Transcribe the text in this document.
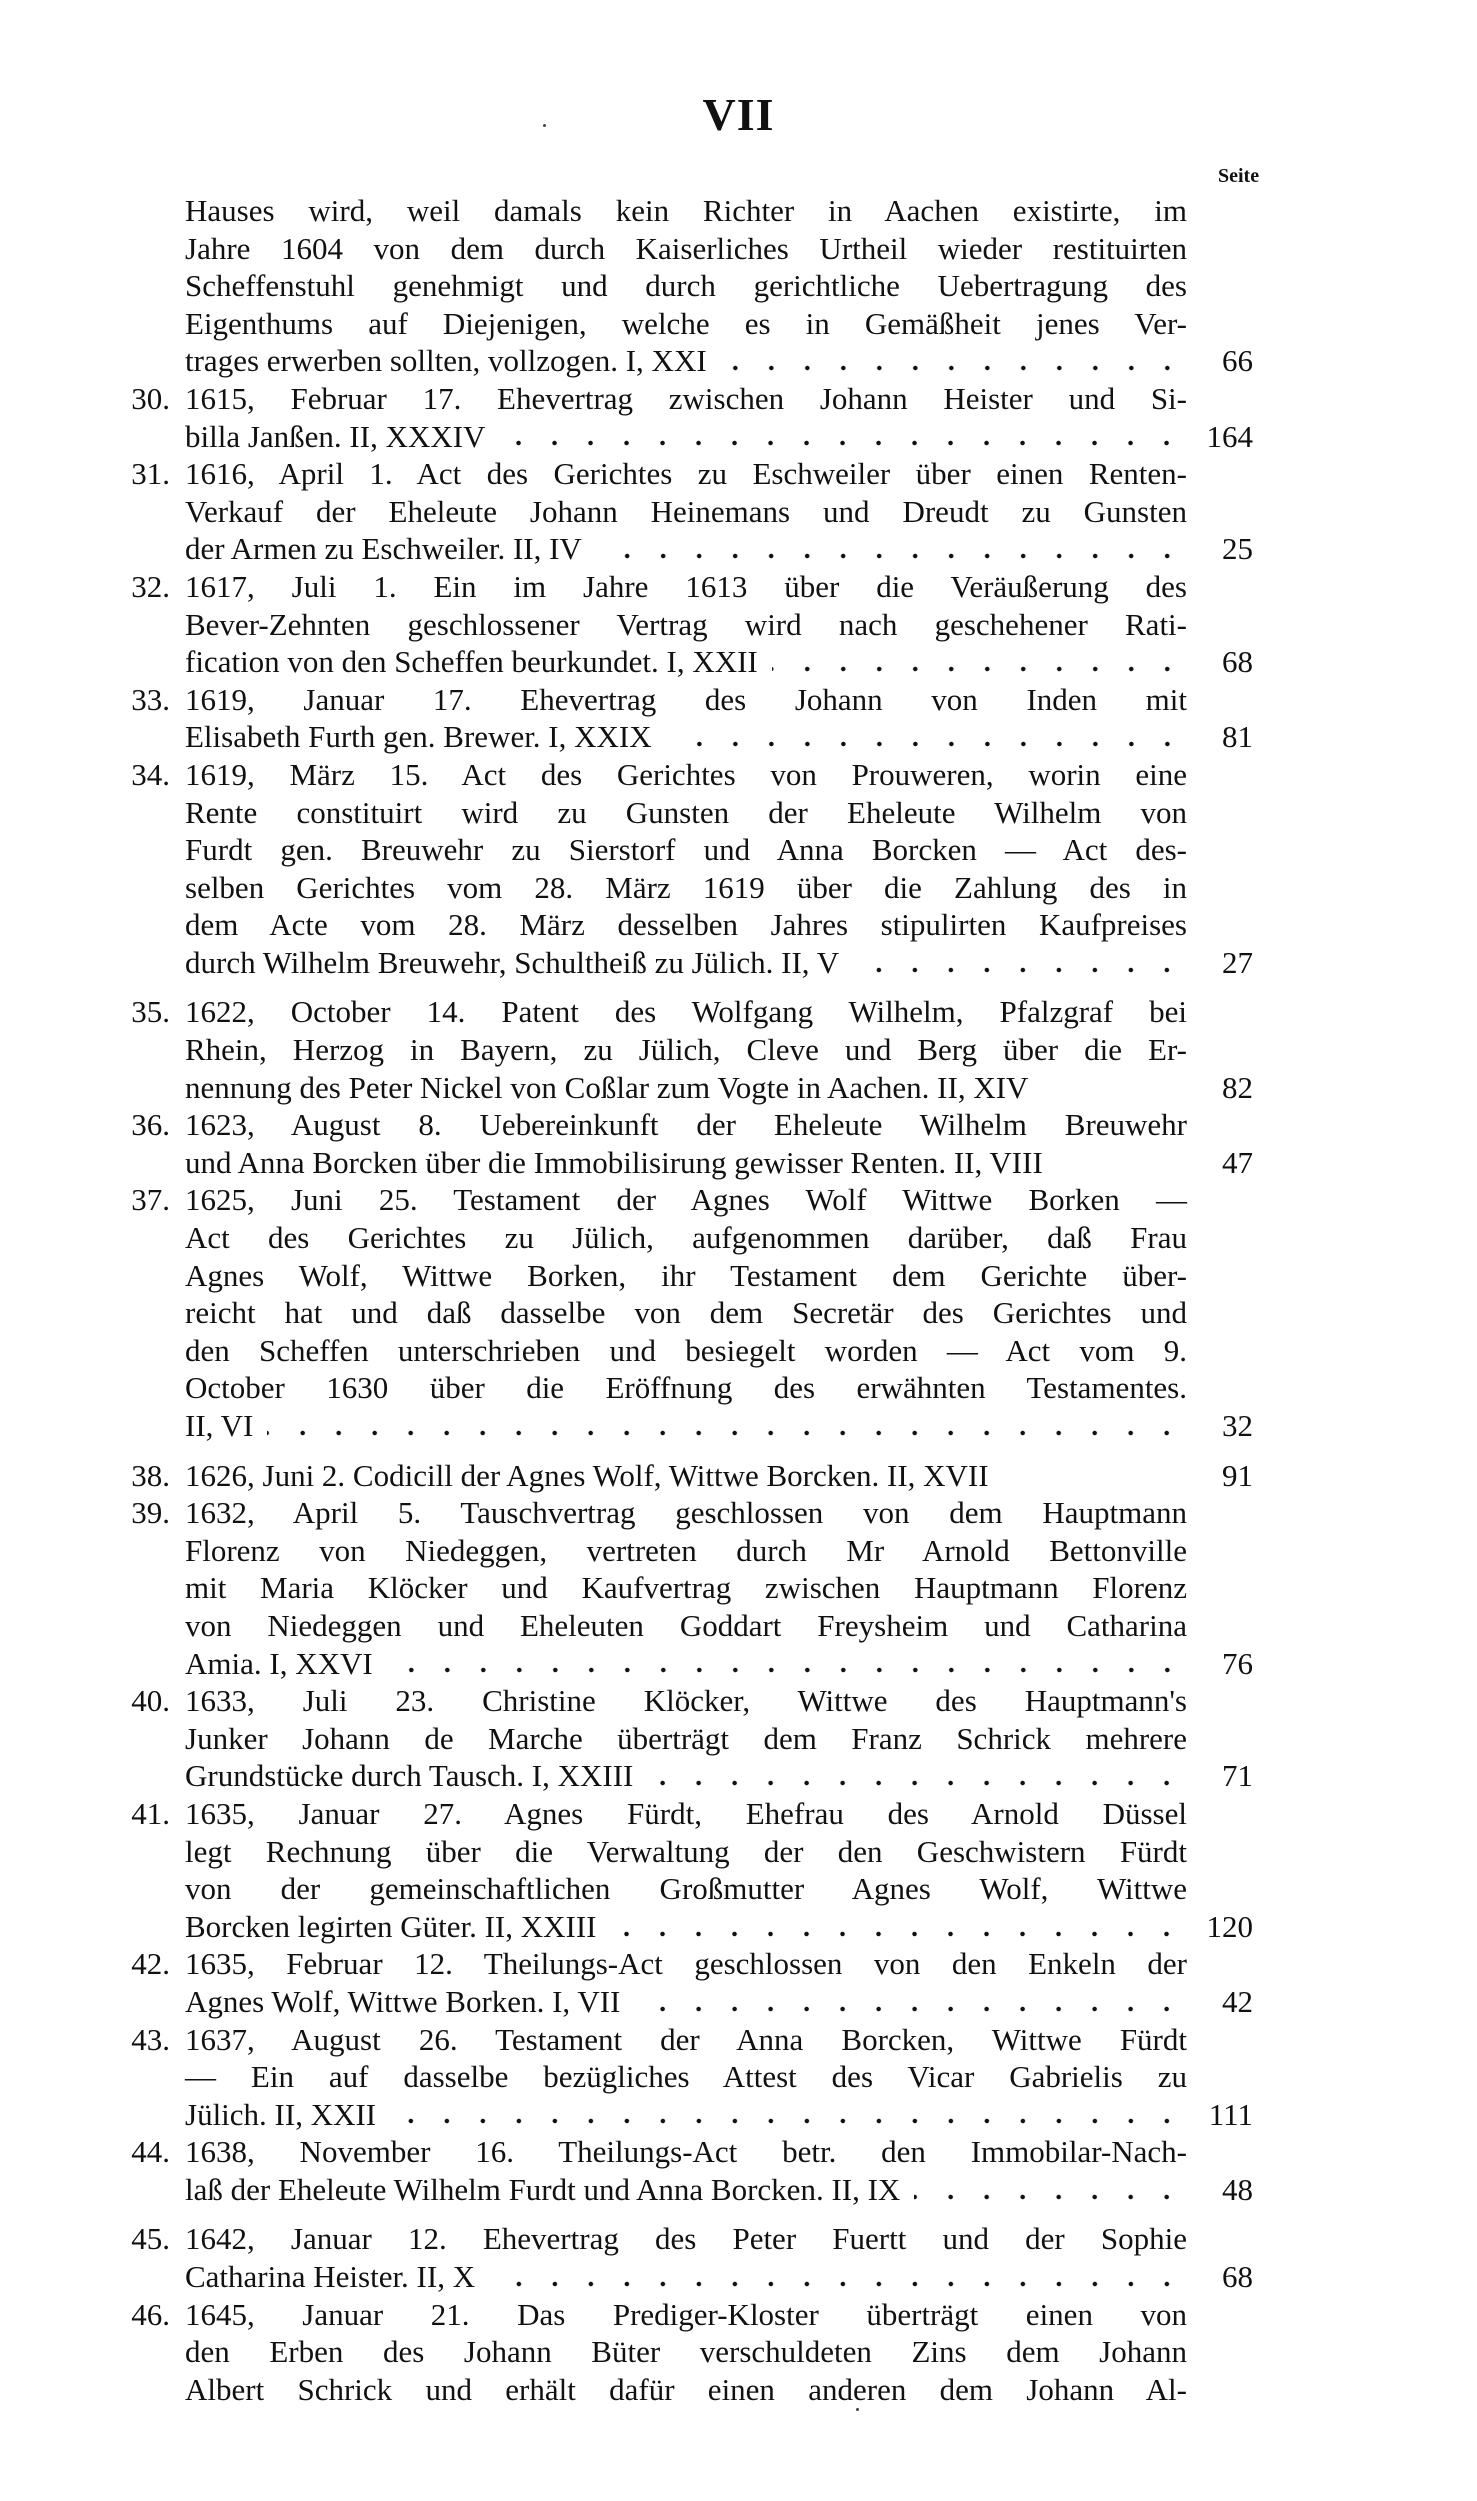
VII
Seite
Hauses wird, weil damals kein Richter in Aachen existirte, im
Jahre 1604 von dem durch Kaiserliches Urtheil wieder restituirten
Scheffenstuhl genehmigt und durch gerichtliche Uebertragung des
Eigenthums auf Diejenigen, welche es in Gemäßheit jenes Ver-
trages erwerben sollten, vollzogen. I, XXI	66
30. 1615, Februar 17. Ehevertrag zwischen Johann Heister und Si-
billa Janßen. II, XXXIV	164
31. 1616, April 1. Act des Gerichtes zu Eschweiler über einen Renten-
Verkauf der Eheleute Johann Heinemans und Dreudt zu Gunsten
der Armen zu Eschweiler. II, IV	25
32. 1617, Juli 1. Ein im Jahre 1613 über die Veräußerung des
Bever-Zehnten geschlossener Vertrag wird nach geschehener Rati-
fication von den Scheffen beurkundet. I, XXII	68
33. 1619, Januar 17. Ehevertrag des Johann von Inden mit
Elisabeth Furth gen. Brewer. I, XXIX	81
34. 1619, März 15. Act des Gerichtes von Prouweren, worin eine
Rente constituirt wird zu Gunsten der Eheleute Wilhelm von
Furdt gen. Breuwehr zu Sierstorf und Anna Borcken — Act des-
selben Gerichtes vom 28. März 1619 über die Zahlung des in
dem Acte vom 28. März desselben Jahres stipulirten Kaufpreises
durch Wilhelm Breuwehr, Schultheiß zu Jülich. II, V	27
35. 1622, October 14. Patent des Wolfgang Wilhelm, Pfalzgraf bei
Rhein, Herzog in Bayern, zu Jülich, Cleve und Berg über die Er-
nennung des Peter Nickel von Coßlar zum Vogte in Aachen. II, XIV	82
36. 1623, August 8. Uebereinkunft der Eheleute Wilhelm Breuwehr
und Anna Borcken über die Immobilisirung gewisser Renten. II, VIII	47
37. 1625, Juni 25. Testament der Agnes Wolf Wittwe Borken —
Act des Gerichtes zu Jülich, aufgenommen darüber, daß Frau
Agnes Wolf, Wittwe Borken, ihr Testament dem Gerichte über-
reicht hat und daß dasselbe von dem Secretär des Gerichtes und
den Scheffen unterschrieben und besiegelt worden — Act vom 9.
October 1630 über die Eröffnung des erwähnten Testamentes.
II, VI	32
38. 1626, Juni 2. Codicill der Agnes Wolf, Wittwe Borcken. II, XVII	91
39. 1632, April 5. Tauschvertrag geschlossen von dem Hauptmann
Florenz von Niedeggen, vertreten durch Mr Arnold Bettonville
mit Maria Klöcker und Kaufvertrag zwischen Hauptmann Florenz
von Niedeggen und Eheleuten Goddart Freysheim und Catharina
Amia. I, XXVI	76
40. 1633, Juli 23. Christine Klöcker, Wittwe des Hauptmann's
Junker Johann de Marche überträgt dem Franz Schrick mehrere
Grundstücke durch Tausch. I, XXIII	71
41. 1635, Januar 27. Agnes Fürdt, Ehefrau des Arnold Düssel
legt Rechnung über die Verwaltung der den Geschwistern Fürdt
von der gemeinschaftlichen Großmutter Agnes Wolf, Wittwe
Borcken legirten Güter. II, XXIII	120
42. 1635, Februar 12. Theilungs-Act geschlossen von den Enkeln der
Agnes Wolf, Wittwe Borken. I, VII	42
43. 1637, August 26. Testament der Anna Borcken, Wittwe Fürdt
— Ein auf dasselbe bezügliches Attest des Vicar Gabrielis zu
Jülich. II, XXII	111
44. 1638, November 16. Theilungs-Act betr. den Immobilar-Nach-
laß der Eheleute Wilhelm Furdt und Anna Borcken. II, IX	48
45. 1642, Januar 12. Ehevertrag des Peter Fuertt und der Sophie
Catharina Heister. II, X	68
46. 1645, Januar 21. Das Prediger-Kloster überträgt einen von
den Erben des Johann Büter verschuldeten Zins dem Johann
Albert Schrick und erhält dafür einen anderen dem Johann Al-
